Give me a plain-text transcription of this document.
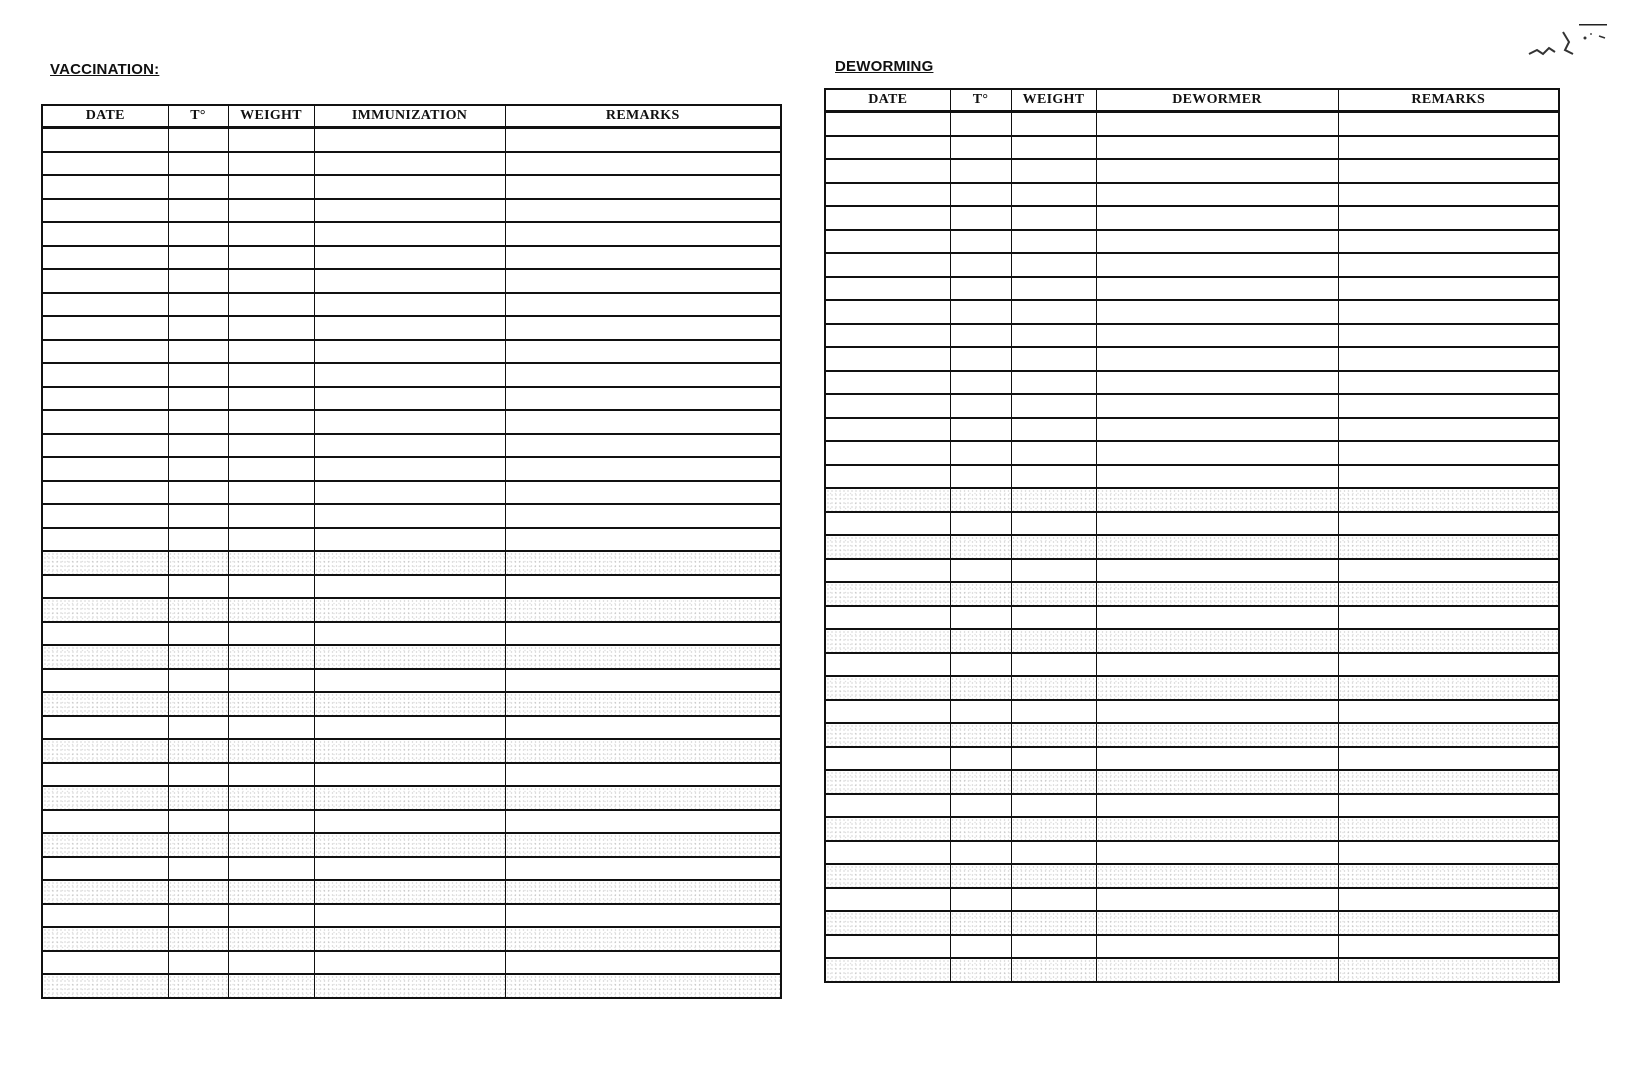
VACCINATION:
DATE	T°	WEIGHT	IMMUNIZATION	REMARKS

DEWORMING
DATE	T°	WEIGHT	DEWORMER	REMARKS
